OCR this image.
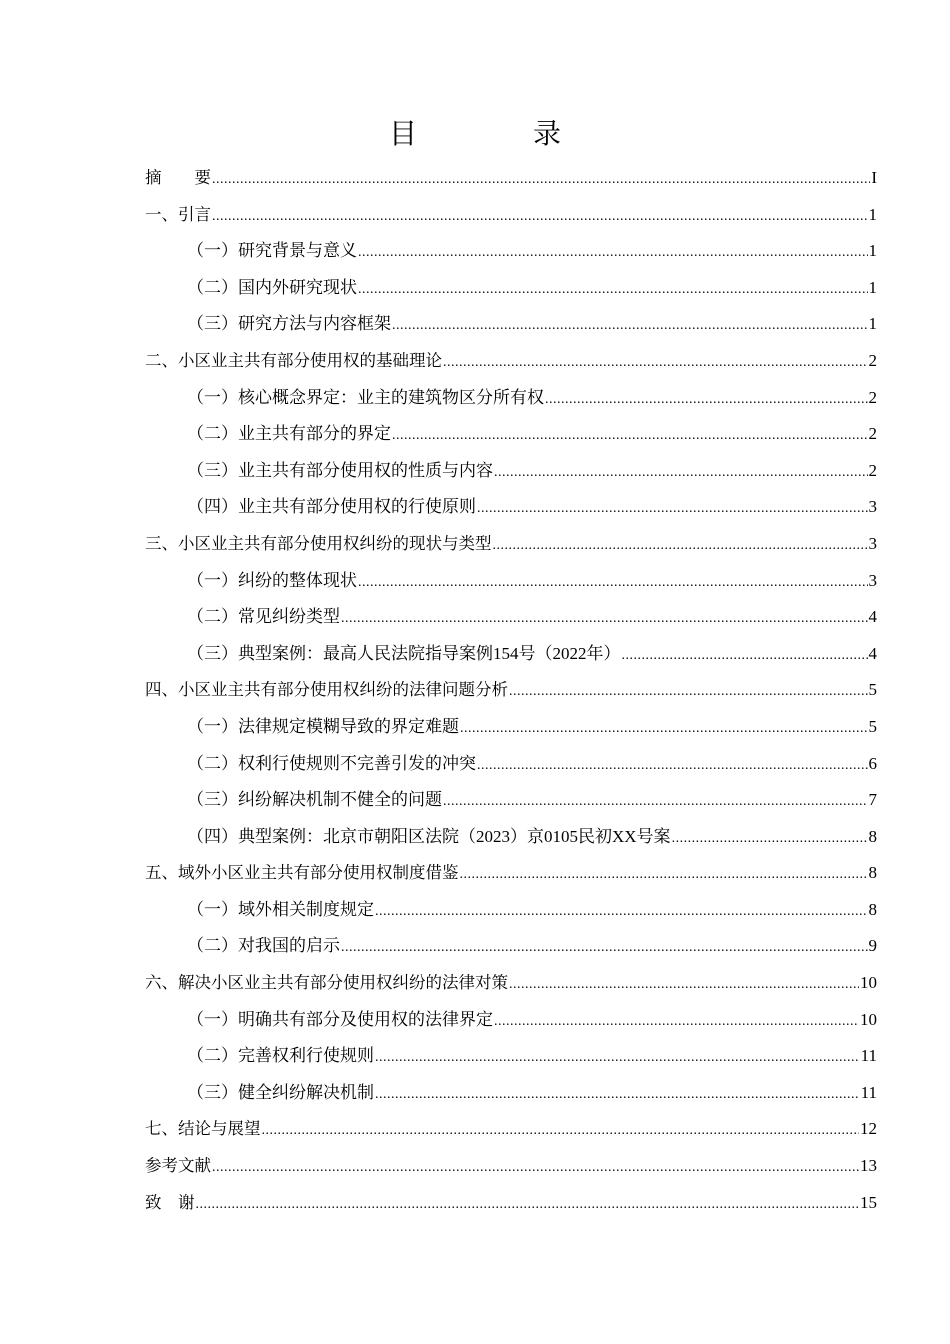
目　录
摘　　要 .....	I
一、引言 .....	1
（一）研究背景与意义 .....	1
（二）国内外研究现状 .....	1
（三）研究方法与内容框架 .....	1
二、小区业主共有部分使用权的基础理论 .....	2
（一）核心概念界定：业主的建筑物区分所有权 .....	2
（二）业主共有部分的界定 .....	2
（三）业主共有部分使用权的性质与内容 .....	2
（四）业主共有部分使用权的行使原则 .....	3
三、小区业主共有部分使用权纠纷的现状与类型 .....	3
（一）纠纷的整体现状 .....	3
（二）常见纠纷类型 .....	4
（三）典型案例：最高人民法院指导案例154号（2022年） .....	4
四、小区业主共有部分使用权纠纷的法律问题分析 .....	5
（一）法律规定模糊导致的界定难题 .....	5
（二）权利行使规则不完善引发的冲突 .....	6
（三）纠纷解决机制不健全的问题 .....	7
（四）典型案例：北京市朝阳区法院（2023）京0105民初XX号案 .....	8
五、域外小区业主共有部分使用权制度借鉴 .....	8
（一）域外相关制度规定 .....	8
（二）对我国的启示 .....	9
六、解决小区业主共有部分使用权纠纷的法律对策 .....	10
（一）明确共有部分及使用权的法律界定 .....	10
（二）完善权利行使规则 .....	11
（三）健全纠纷解决机制 .....	11
七、结论与展望 .....	12
参考文献 .....	13
致　谢 .....	15
